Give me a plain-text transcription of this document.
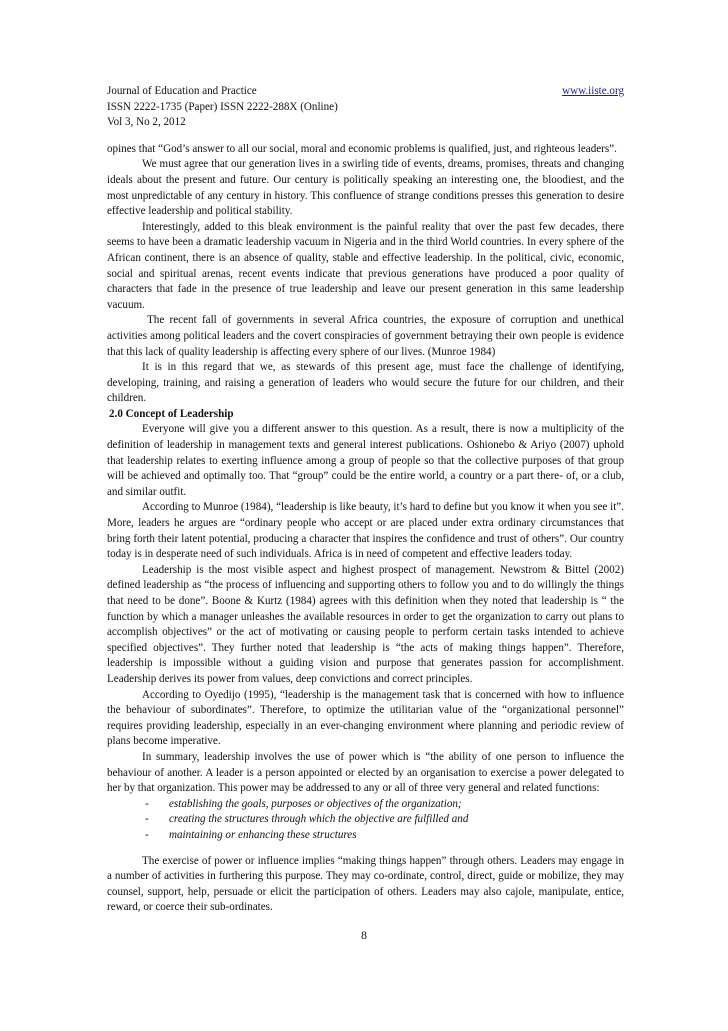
Journal of Education and Practice	www.iiste.org
ISSN 2222-1735 (Paper) ISSN 2222-288X (Online)
Vol 3, No 2, 2012

opines that “God’s answer to all our social, moral and economic problems is qualified, just, and righteous leaders”.

We must agree that our generation lives in a swirling tide of events, dreams, promises, threats and changing ideals about the present and future. Our century is politically speaking an interesting one, the bloodiest, and the most unpredictable of any century in history. This confluence of strange conditions presses this generation to desire effective leadership and political stability.

Interestingly, added to this bleak environment is the painful reality that over the past few decades, there seems to have been a dramatic leadership vacuum in Nigeria and in the third World countries. In every sphere of the African continent, there is an absence of quality, stable and effective leadership. In the political, civic, economic, social and spiritual arenas, recent events indicate that previous generations have produced a poor quality of characters that fade in the presence of true leadership and leave our present generation in this same leadership vacuum.

The recent fall of governments in several Africa countries, the exposure of corruption and unethical activities among political leaders and the covert conspiracies of government betraying their own people is evidence that this lack of quality leadership is affecting every sphere of our lives. (Munroe 1984)

It is in this regard that we, as stewards of this present age, must face the challenge of identifying, developing, training, and raising a generation of leaders who would secure the future for our children, and their children.

2.0 Concept of Leadership

Everyone will give you a different answer to this question. As a result, there is now a multiplicity of the definition of leadership in management texts and general interest publications. Oshionebo & Ariyo (2007) uphold that leadership relates to exerting influence among a group of people so that the collective purposes of that group will be achieved and optimally too. That “group” could be the entire world, a country or a part there- of, or a club, and similar outfit.

According to Munroe (1984), “leadership is like beauty, it’s hard to define but you know it when you see it”. More, leaders he argues are “ordinary people who accept or are placed under extra ordinary circumstances that bring forth their latent potential, producing a character that inspires the confidence and trust of others”. Our country today is in desperate need of such individuals. Africa is in need of competent and effective leaders today.

Leadership is the most visible aspect and highest prospect of management. Newstrom & Bittel (2002) defined leadership as “the process of influencing and supporting others to follow you and to do willingly the things that need to be done”. Boone & Kurtz (1984) agrees with this definition when they noted that leadership is “ the function by which a manager unleashes the available resources in order to get the organization to carry out plans to accomplish objectives” or the act of motivating or causing people to perform certain tasks intended to achieve specified objectives”. They further noted that leadership is “the acts of making things happen”. Therefore, leadership is impossible without a guiding vision and purpose that generates passion for accomplishment. Leadership derives its power from values, deep convictions and correct principles.

According to Oyedijo (1995), “leadership is the management task that is concerned with how to influence the behaviour of subordinates”. Therefore, to optimize the utilitarian value of the “organizational personnel” requires providing leadership, especially in an ever-changing environment where planning and periodic review of plans become imperative.

In summary, leadership involves the use of power which is “the ability of one person to influence the behaviour of another. A leader is a person appointed or elected by an organisation to exercise a power delegated to her by that organization. This power may be addressed to any or all of three very general and related functions:

- establishing the goals, purposes or objectives of the organization;
- creating the structures through which the objective are fulfilled and
- maintaining or enhancing these structures

The exercise of power or influence implies “making things happen” through others. Leaders may engage in a number of activities in furthering this purpose. They may co-ordinate, control, direct, guide or mobilize, they may counsel, support, help, persuade or elicit the participation of others. Leaders may also cajole, manipulate, entice, reward, or coerce their sub-ordinates.

8
